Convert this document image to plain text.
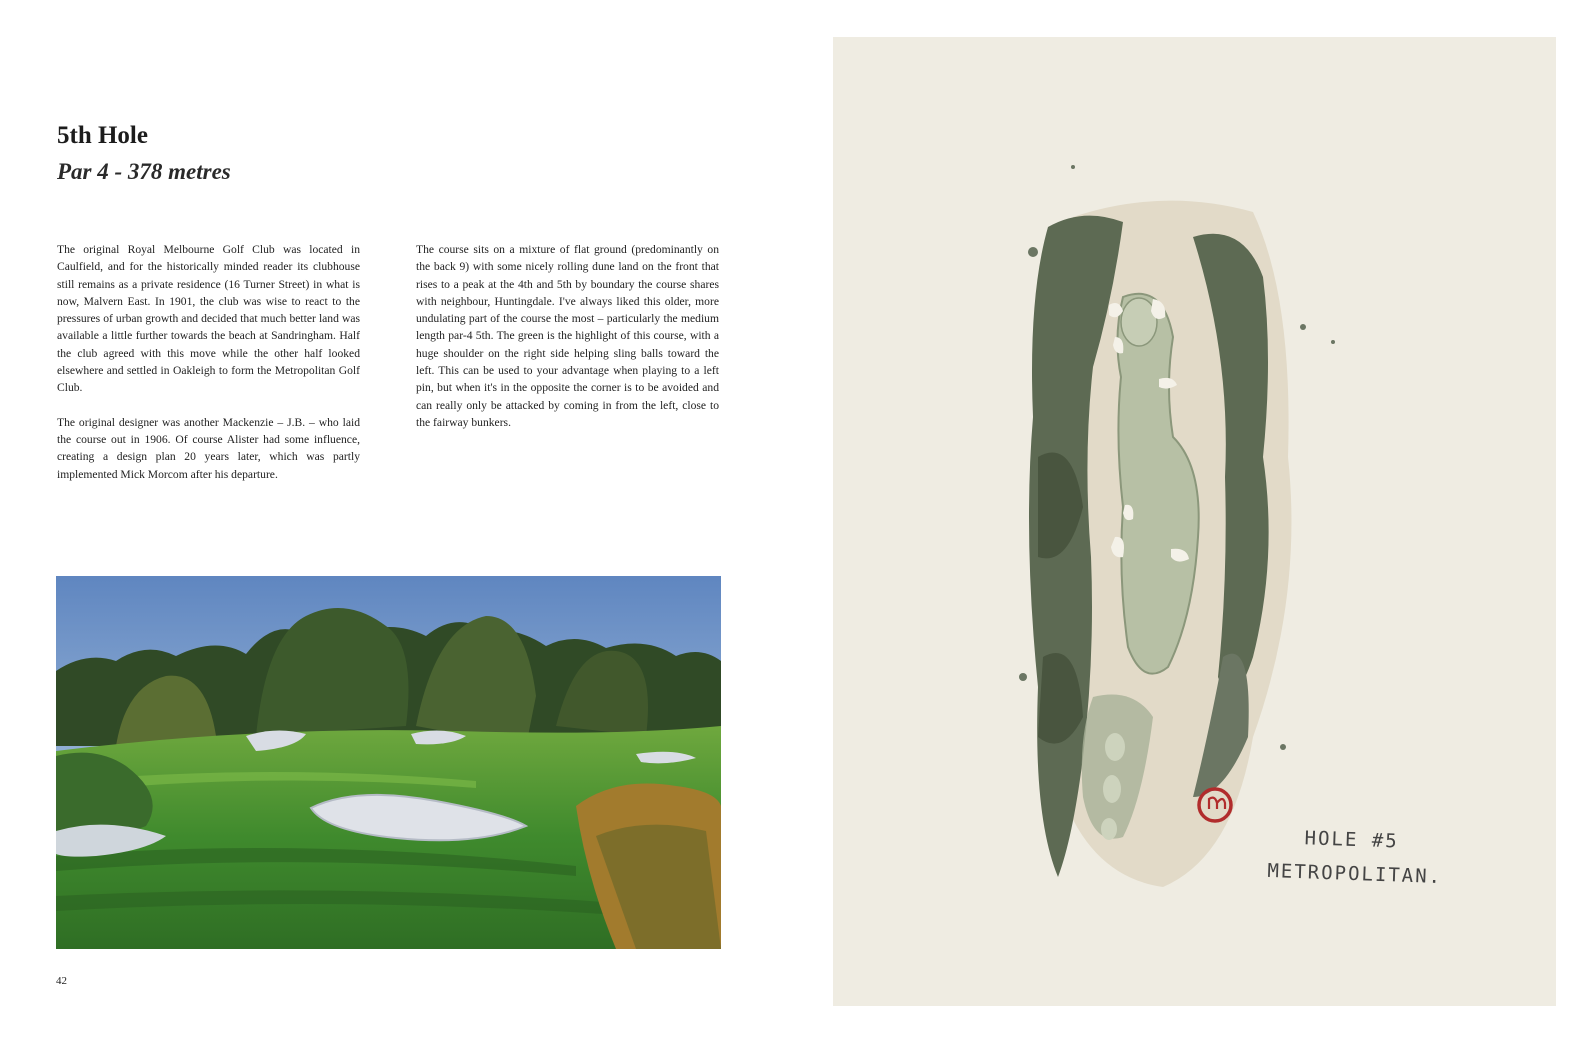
5th Hole
Par 4 - 378 metres

The original Royal Melbourne Golf Club was located in Caulfield, and for the historically minded reader its clubhouse still remains as a private residence (16 Turner Street) in what is now, Malvern East. In 1901, the club was wise to react to the pressures of urban growth and decided that much better land was available a little further towards the beach at Sandringham. Half the club agreed with this move while the other half looked elsewhere and settled in Oakleigh to form the Metropolitan Golf Club.

The original designer was another Mackenzie – J.B. – who laid the course out in 1906. Of course Alister had some influence, creating a design plan 20 years later, which was partly implemented Mick Morcom after his departure.

The course sits on a mixture of flat ground (predominantly on the back 9) with some nicely rolling dune land on the front that rises to a peak at the 4th and 5th by boundary the course shares with neighbour, Huntingdale. I've always liked this older, more undulating part of the course the most – particularly the medium length par-4 5th. The green is the highlight of this course, with a huge shoulder on the right side helping sling balls toward the left. This can be used to your advantage when playing to a left pin, but when it's in the opposite the corner is to be avoided and can really only be attacked by coming in from the left, close to the fairway bunkers.

42
HOLE #5
METROPOLITAN.
